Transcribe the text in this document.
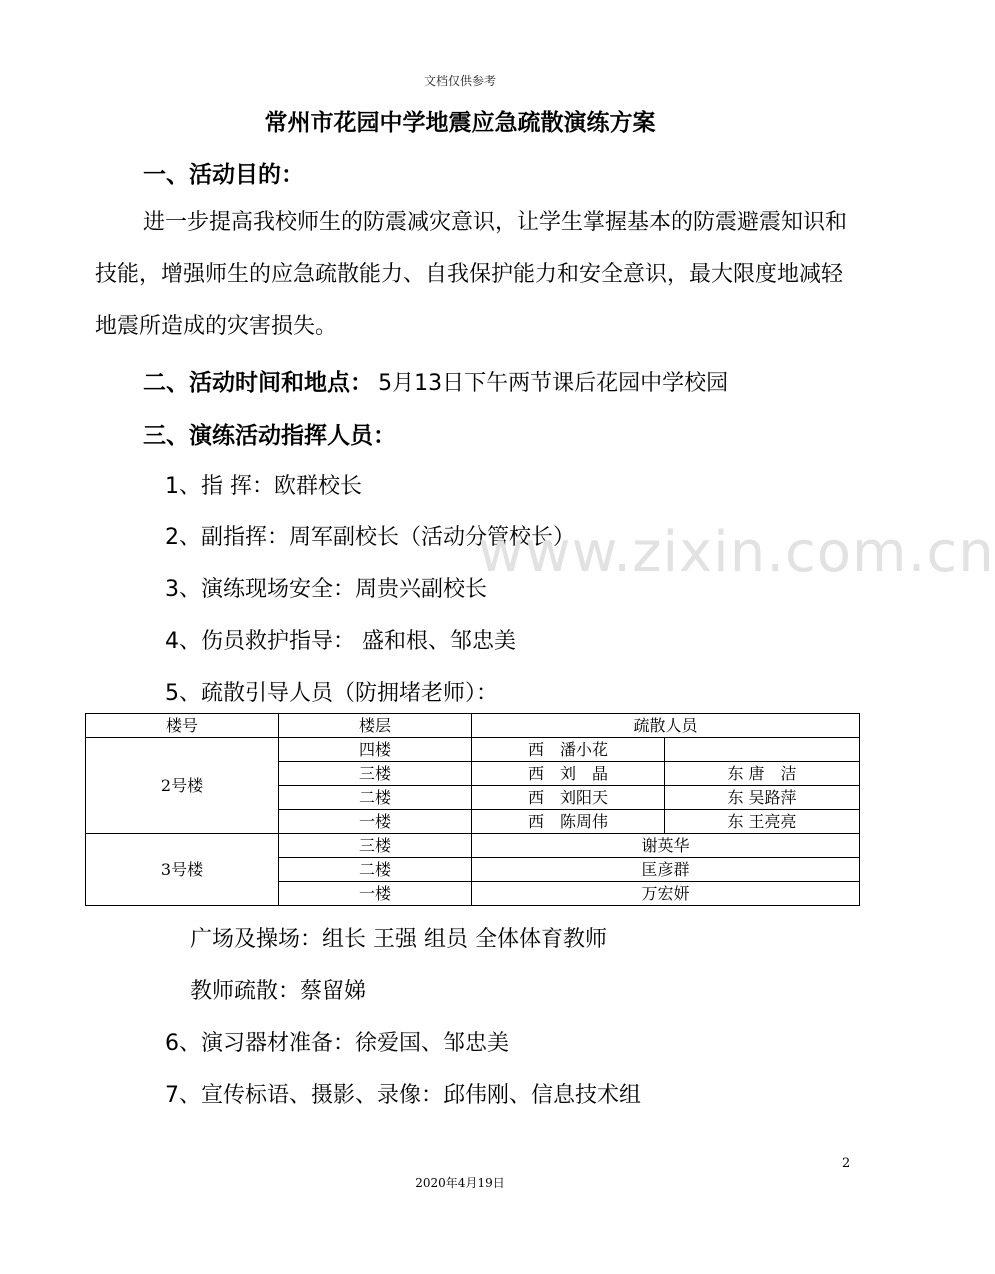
文档仅供参考
常州市花园中学地震应急疏散演练方案
一、活动目的：
进一步提高我校师生的防震减灾意识，让学生掌握基本的防震避震知识和技能，增强师生的应急疏散能力、自我保护能力和安全意识，最大限度地减轻地震所造成的灾害损失。
二、活动时间和地点： 5月13日下午两节课后花园中学校园
三、演练活动指挥人员：
1、指 挥：欧群校长
2、副指挥：周军副校长（活动分管校长）
3、演练现场安全：周贵兴副校长
4、伤员救护指导： 盛和根、邹忠美
5、疏散引导人员（防拥堵老师）：
www.zixin.com.cn
楼号	楼层	疏散人员	
2号楼	四楼	西　潘小花	
	三楼	西　刘　晶	东 唐　洁
	二楼	西　刘阳天	东 吴路萍
	一楼	西　陈周伟	东 王亮亮
3号楼	三楼	谢英华	
	二楼	匡彦群	
	一楼	万宏妍	
广场及操场：组长 王强 组员 全体体育教师
教师疏散：蔡留娣
6、演习器材准备：徐爱国、邹忠美
7、宣传标语、摄影、录像：邱伟刚、信息技术组
2
2020年4月19日
